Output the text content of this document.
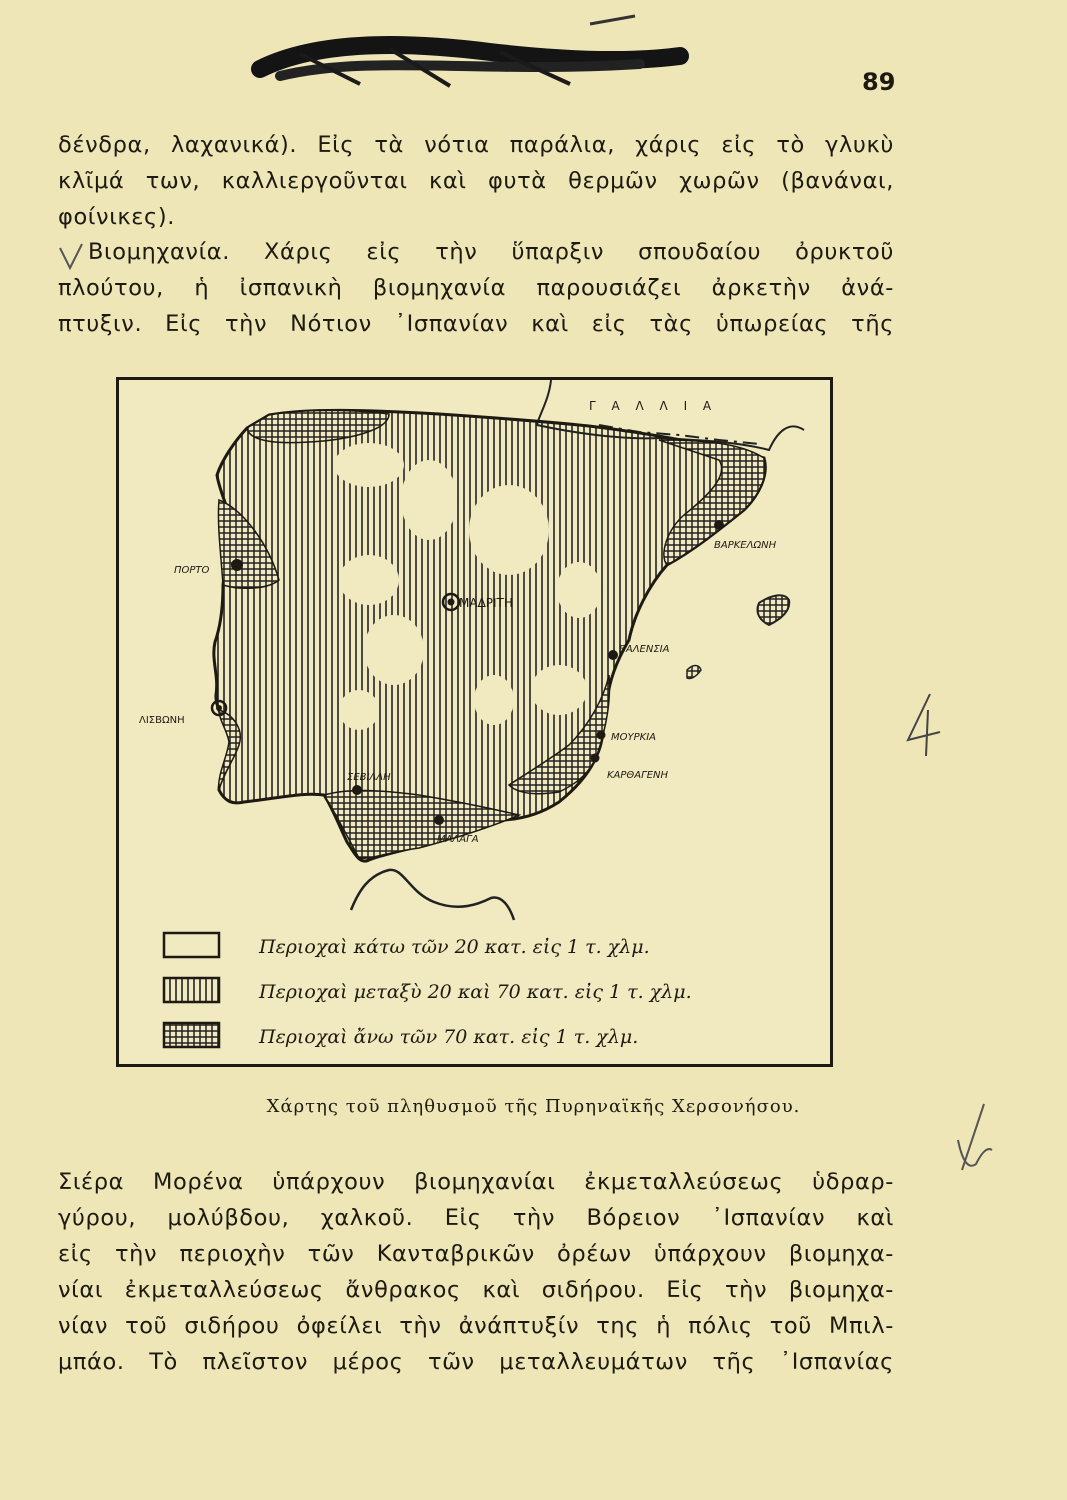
89
δένδρα, λαχανικά). Εἰς τὰ νότια παράλια, χάρις εἰς τὸ γλυκὺ
κλῖμά των, καλλιεργοῦνται καὶ φυτὰ θερμῶν χωρῶν (βανάναι,
φοίνικες).
Βιομηχανία. Χάρις εἰς τὴν ὕπαρξιν σπουδαίου ὀρυκτοῦ
πλούτου, ἡ ἰσπανικὴ βιομηχανία παρουσιάζει ἀρκετὴν ἀνά-
πτυξιν. Εἰς τὴν Νότιον ᾿Ισπανίαν καὶ εἰς τὰς ὑπωρείας τῆς
Γ Α Λ Λ Ι Α
ΠΟΡΤΟ
ΜΑΔΡΙΤΗ
ΒΑΡΚΕΛΩΝΗ
ΒΑΛΕΝΣΙΑ
ΛΙΣΒΩΝΗ
ΜΟΥΡΚΙΑ
ΚΑΡΘΑΓΕΝΗ
ΣΕΒΙΛΛΗ
ΜΑΛΑΓΑ
Περιοχαὶ κάτω τῶν 20 κατ. εἰς 1 τ. χλμ.
Περιοχαὶ μεταξὺ 20 καὶ 70 κατ. εἰς 1 τ. χλμ.
Περιοχαὶ ἄνω τῶν 70 κατ. εἰς 1 τ. χλμ.
Χάρτης τοῦ πληθυσμοῦ τῆς Πυρηναϊκῆς Χερσονήσου.
Σιέρα Μορένα ὑπάρχουν βιομηχανίαι ἐκμεταλλεύσεως ὑδραρ-
γύρου, μολύβδου, χαλκοῦ. Εἰς τὴν Βόρειον ᾿Ισπανίαν καὶ
εἰς τὴν περιοχὴν τῶν Κανταβρικῶν ὀρέων ὑπάρχουν βιομηχα-
νίαι ἐκμεταλλεύσεως ἄνθρακος καὶ σιδήρου. Εἰς τὴν βιομηχα-
νίαν τοῦ σιδήρου ὀφείλει τὴν ἀνάπτυξίν της ἡ πόλις τοῦ Μπιλ-
μπάο. Τὸ πλεῖστον μέρος τῶν μεταλλευμάτων τῆς ᾿Ισπανίας
